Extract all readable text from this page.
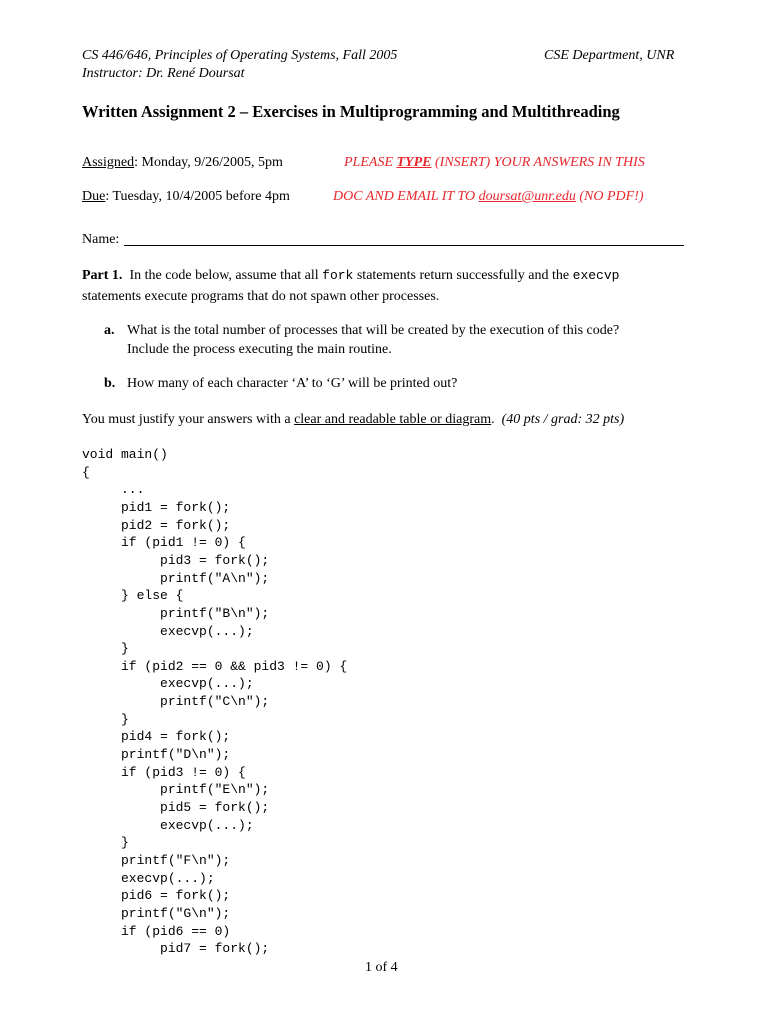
CS 446/646, Principles of Operating Systems, Fall 2005	CSE Department, UNR
Instructor: Dr. René Doursat
Written Assignment 2 – Exercises in Multiprogramming and Multithreading
Assigned: Monday, 9/26/2005, 5pm
Due: Tuesday, 10/4/2005 before 4pm
PLEASE TYPE (INSERT) YOUR ANSWERS IN THIS
DOC AND EMAIL IT TO doursat@unr.edu (NO PDF!)
Name:
Part 1.  In the code below, assume that all fork statements return successfully and the execvp
statements execute programs that do not spawn other processes.
a. What is the total number of processes that will be created by the execution of this code?
Include the process executing the main routine.
b. How many of each character ‘A’ to ‘G’ will be printed out?
You must justify your answers with a clear and readable table or diagram.  (40 pts / grad: 32 pts)
void main()
{
...
pid1 = fork();
pid2 = fork();
if (pid1 != 0) {
pid3 = fork();
printf("A\n");
} else {
printf("B\n");
execvp(...);
}
if (pid2 == 0 && pid3 != 0) {
execvp(...);
printf("C\n");
}
pid4 = fork();
printf("D\n");
if (pid3 != 0) {
printf("E\n");
pid5 = fork();
execvp(...);
}
printf("F\n");
execvp(...);
pid6 = fork();
printf("G\n");
if (pid6 == 0)
pid7 = fork();
1 of 4
